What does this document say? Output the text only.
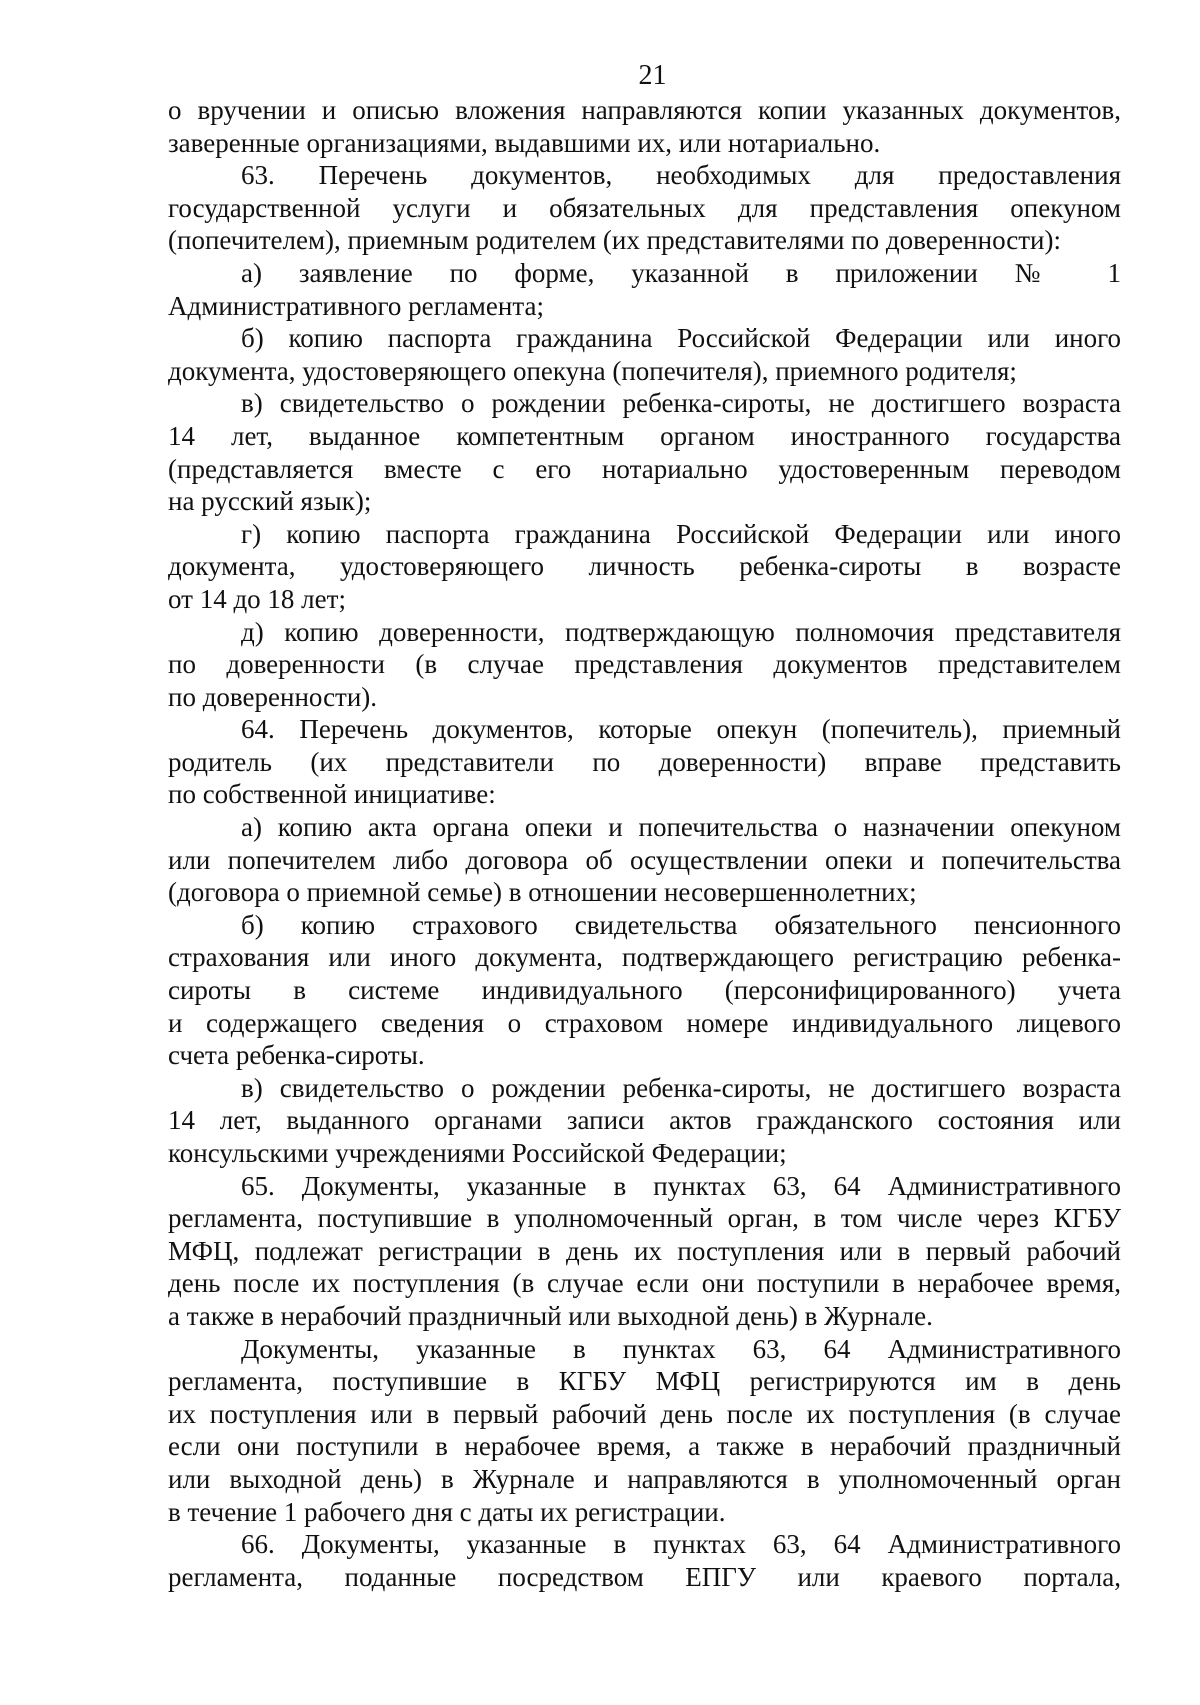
21
о вручении и описью вложения направляются копии указанных документов,
заверенные организациями, выдавшими их, или нотариально.
63. Перечень документов, необходимых для предоставления
государственной услуги и обязательных для представления опекуном
(попечителем), приемным родителем (их представителями по доверенности):
а) заявление по форме, указанной в приложении № 1
Административного регламента;
б) копию паспорта гражданина Российской Федерации или иного
документа, удостоверяющего опекуна (попечителя), приемного родителя;
в) свидетельство о рождении ребенка-сироты, не достигшего возраста
14 лет, выданное компетентным органом иностранного государства
(представляется вместе с его нотариально удостоверенным переводом
на русский язык);
г) копию паспорта гражданина Российской Федерации или иного
документа, удостоверяющего личность ребенка-сироты в возрасте
от 14 до 18 лет;
д) копию доверенности, подтверждающую полномочия представителя
по доверенности (в случае представления документов представителем
по доверенности).
64. Перечень документов, которые опекун (попечитель), приемный
родитель (их представители по доверенности) вправе представить
по собственной инициативе:
а) копию акта органа опеки и попечительства о назначении опекуном
или попечителем либо договора об осуществлении опеки и попечительства
(договора о приемной семье) в отношении несовершеннолетних;
б) копию страхового свидетельства обязательного пенсионного
страхования или иного документа, подтверждающего регистрацию ребенка-
сироты в системе индивидуального (персонифицированного) учета
и содержащего сведения о страховом номере индивидуального лицевого
счета ребенка-сироты.
в) свидетельство о рождении ребенка-сироты, не достигшего возраста
14 лет, выданного органами записи актов гражданского состояния или
консульскими учреждениями Российской Федерации;
65. Документы, указанные в пунктах 63, 64 Административного
регламента, поступившие в уполномоченный орган, в том числе через КГБУ
МФЦ, подлежат регистрации в день их поступления или в первый рабочий
день после их поступления (в случае если они поступили в нерабочее время,
а также в нерабочий праздничный или выходной день) в Журнале.
Документы, указанные в пунктах 63, 64 Административного
регламента, поступившие в КГБУ МФЦ регистрируются им в день
их поступления или в первый рабочий день после их поступления (в случае
если они поступили в нерабочее время, а также в нерабочий праздничный
или выходной день) в Журнале и направляются в уполномоченный орган
в течение 1 рабочего дня с даты их регистрации.
66. Документы, указанные в пунктах 63, 64 Административного
регламента, поданные посредством ЕПГУ или краевого портала,
